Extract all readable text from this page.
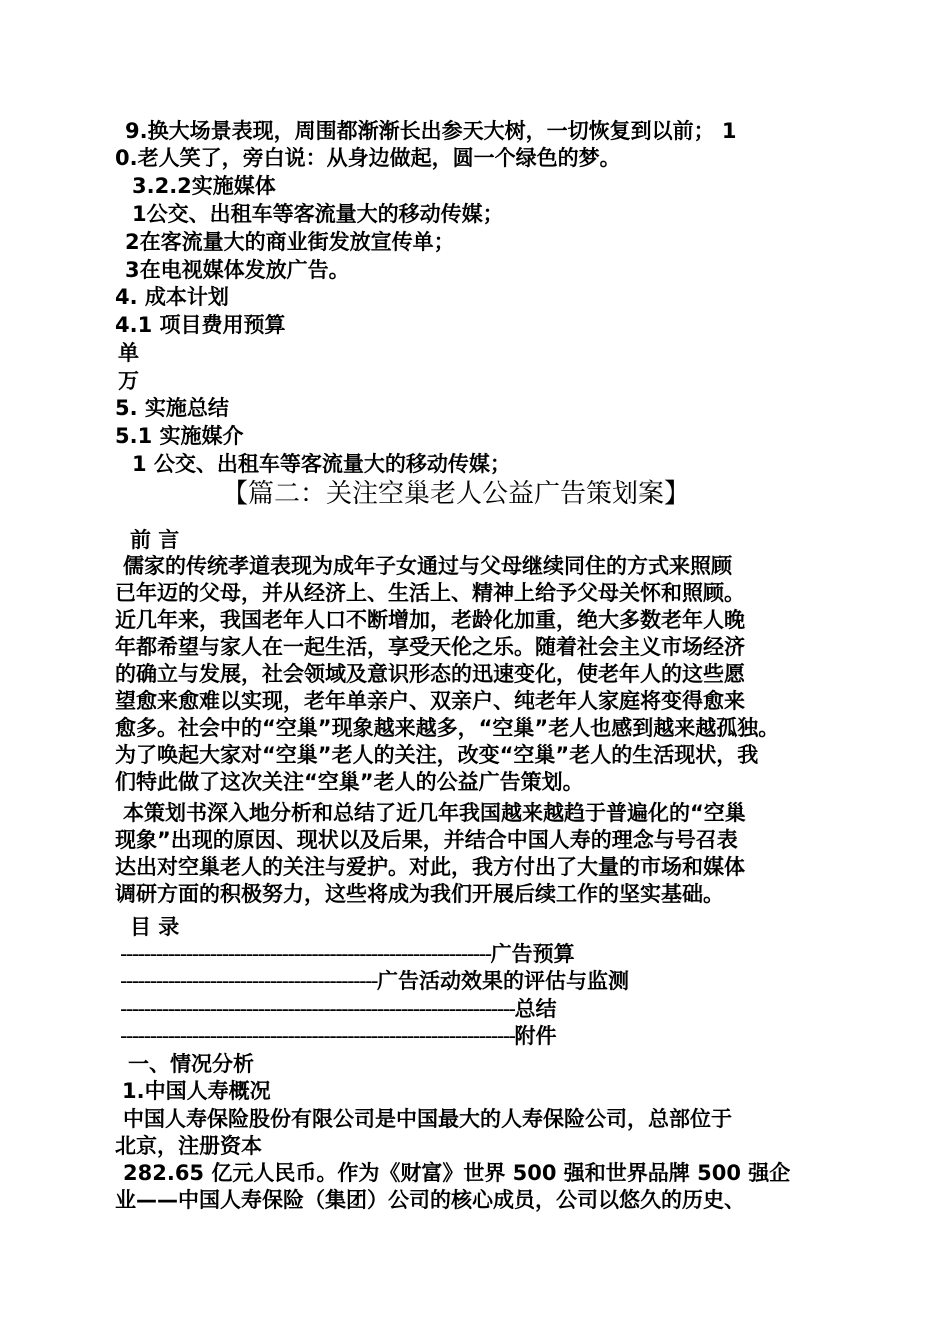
9.换大场景表现，周围都渐渐长出参天大树，一切恢复到以前； 1
0.老人笑了，旁白说：从身边做起，圆一个绿色的梦。
3.2.2实施媒体
1公交、出租车等客流量大的移动传媒；
2在客流量大的商业街发放宣传单；
3在电视媒体发放广告。
4. 成本计划
4.1 项目费用预算
单
万
5. 实施总结
5.1 实施媒介
1 公交、出租车等客流量大的移动传媒；
【篇二：关注空巢老人公益广告策划案】
前 言
儒家的传统孝道表现为成年子女通过与父母继续同住的方式来照顾
已年迈的父母，并从经济上、生活上、精神上给予父母关怀和照顾。
近几年来，我国老年人口不断增加，老龄化加重，绝大多数老年人晚
年都希望与家人在一起生活，享受天伦之乐。随着社会主义市场经济
的确立与发展，社会领域及意识形态的迅速变化，使老年人的这些愿
望愈来愈难以实现，老年单亲户、双亲户、纯老年人家庭将变得愈来
愈多。社会中的“空巢”现象越来越多，“空巢”老人也感到越来越孤独。
为了唤起大家对“空巢”老人的关注，改变“空巢”老人的生活现状，我
们特此做了这次关注“空巢”老人的公益广告策划。
本策划书深入地分析和总结了近几年我国越来越趋于普遍化的“空巢
现象”出现的原因、现状以及后果，并结合中国人寿的理念与号召表
达出对空巢老人的关注与爱护。对此，我方付出了大量的市场和媒体
调研方面的积极努力，这些将成为我们开展后续工作的坚实基础。
目 录
--------------------------------------------------------------广告预算
-------------------------------------------广告活动效果的评估与监测
------------------------------------------------------------------总结
------------------------------------------------------------------附件
一、情况分析
1.中国人寿概况
中国人寿保险股份有限公司是中国最大的人寿保险公司，总部位于
北京，注册资本
282.65 亿元人民币。作为《财富》世界 500 强和世界品牌 500 强企
业——中国人寿保险（集团）公司的核心成员，公司以悠久的历史、
